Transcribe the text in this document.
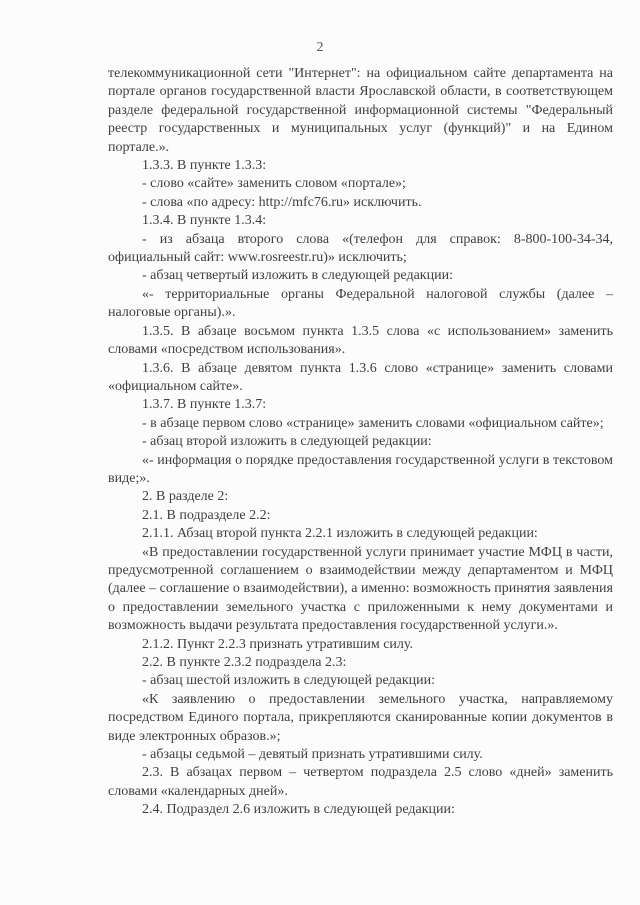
2

телекоммуникационной сети "Интернет": на официальном сайте департамента на портале органов государственной власти Ярославской области, в соответствующем разделе федеральной государственной информационной системы "Федеральный реестр государственных и муниципальных услуг (функций)" и на Едином портале.».

1.3.3. В пункте 1.3.3:

- слово «сайте» заменить словом «портале»;

- слова «по адресу: http://mfc76.ru» исключить.

1.3.4. В пункте 1.3.4:

- из абзаца второго слова «(телефон для справок: 8-800-100-34-34, официальный сайт: www.rosreestr.ru)» исключить;

- абзац четвертый изложить в следующей редакции:

«- территориальные органы Федеральной налоговой службы (далее – налоговые органы).».

1.3.5. В абзаце восьмом пункта 1.3.5 слова «с использованием» заменить словами «посредством использования».

1.3.6. В абзаце девятом пункта 1.3.6 слово «странице» заменить словами «официальном сайте».

1.3.7. В пункте 1.3.7:

- в абзаце первом слово «странице» заменить словами «официальном сайте»;

- абзац второй изложить в следующей редакции:

«- информация о порядке предоставления государственной услуги в текстовом виде;».

2. В разделе 2:

2.1. В подразделе 2.2:

2.1.1. Абзац второй пункта 2.2.1 изложить в следующей редакции:

«В предоставлении государственной услуги принимает участие МФЦ в части, предусмотренной соглашением о взаимодействии между департаментом и МФЦ (далее – соглашение о взаимодействии), а именно: возможность принятия заявления о предоставлении земельного участка с приложенными к нему документами и возможность выдачи результата предоставления государственной услуги.».

2.1.2. Пункт 2.2.3 признать утратившим силу.

2.2. В пункте 2.3.2 подраздела 2.3:

- абзац шестой изложить в следующей редакции:

«К заявлению о предоставлении земельного участка, направляемому посредством Единого портала, прикрепляются сканированные копии документов в виде электронных образов.»;

- абзацы седьмой – девятый признать утратившими силу.

2.3. В абзацах первом – четвертом подраздела 2.5 слово «дней» заменить словами «календарных дней».

2.4. Подраздел 2.6 изложить в следующей редакции:
